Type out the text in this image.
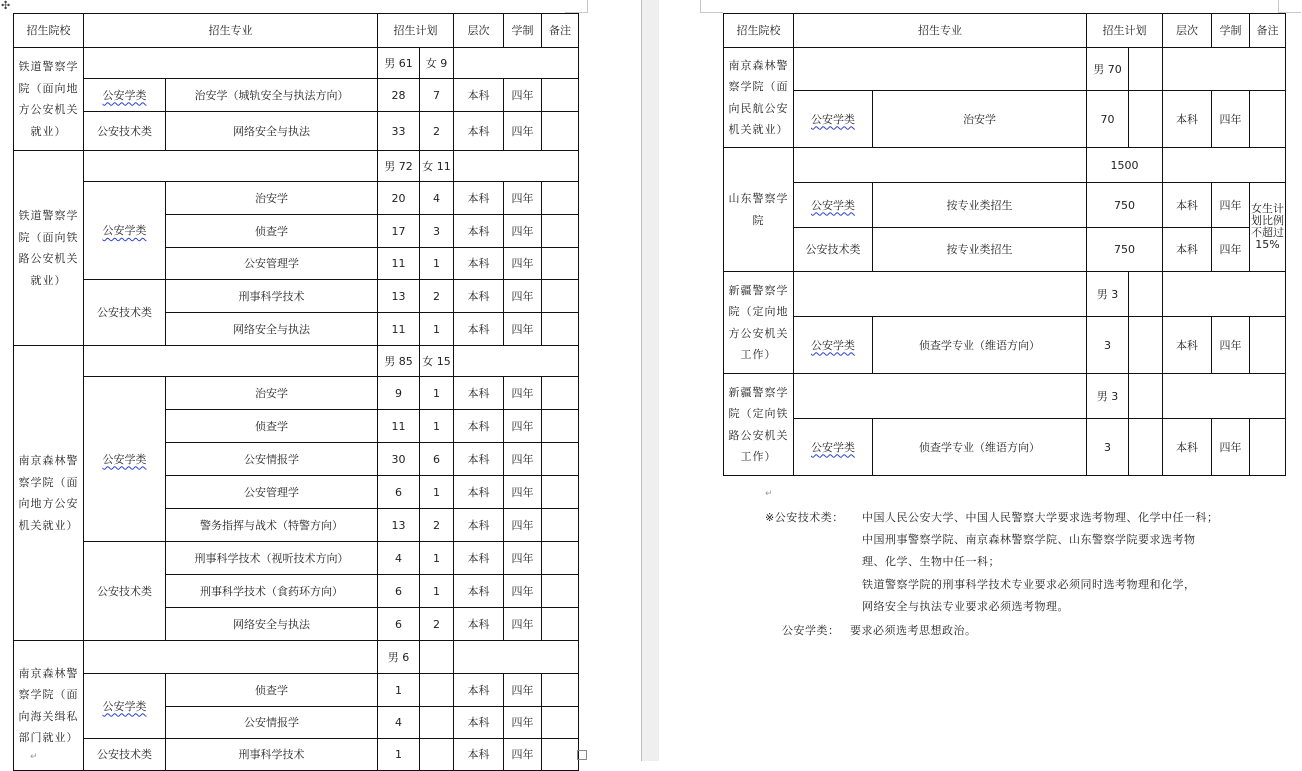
✣
招生院校	招生专业		招生计划		层次	学制	备注
铁道警察学院（面向地方公安机关就业）			男 61	女 9			
	公安学类	治安学（城轨安全与执法方向）	28	7	本科	四年	
	公安技术类	网络安全与执法	33	2	本科	四年	
铁道警察学院（面向铁路公安机关就业）			男 72	女 11			
	公安学类	治安学	20	4	本科	四年	
		侦查学	17	3	本科	四年	
		公安管理学	11	1	本科	四年	
	公安技术类	刑事科学技术	13	2	本科	四年	
		网络安全与执法	11	1	本科	四年	
南京森林警察学院（面向地方公安机关就业）			男 85	女 15			
	公安学类	治安学	9	1	本科	四年	
		侦查学	11	1	本科	四年	
		公安情报学	30	6	本科	四年	
		公安管理学	6	1	本科	四年	
		警务指挥与战术（特警方向）	13	2	本科	四年	
	公安技术类	刑事科学技术（视听技术方向）	4	1	本科	四年	
		刑事科学技术（食药环方向）	6	1	本科	四年	
		网络安全与执法	6	2	本科	四年	
南京森林警察学院（面向海关缉私部门就业）			男 6				
	公安学类	侦查学	1		本科	四年	
		公安情报学	4		本科	四年	
	公安技术类	刑事科学技术	1		本科	四年	
招生院校	招生专业		招生计划		层次	学制	备注
南京森林警察学院（面向民航公安机关就业）			男 70				
	公安学类	治安学	70		本科	四年	
山东警察学院			1500				
	公安学类	按专业类招生	750		本科	四年	女生计划比例不超过15%
	公安技术类	按专业类招生	750		本科	四年	
新疆警察学院（定向地方公安机关工作）			男 3				
	公安学类	侦查学专业（维语方向）	3		本科	四年	
新疆警察学院（定向铁路公安机关工作）			男 3				
	公安学类	侦查学专业（维语方向）	3		本科	四年	
↵
※公安技术类： 中国人民公安大学、中国人民警察大学要求选考物理、化学中任一科；
中国刑事警察学院、南京森林警察学院、山东警察学院要求选考物
理、化学、生物中任一科；
铁道警察学院的刑事科学技术专业要求必须同时选考物理和化学，
网络安全与执法专业要求必须选考物理。
公安学类： 要求必须选考思想政治。
↵
